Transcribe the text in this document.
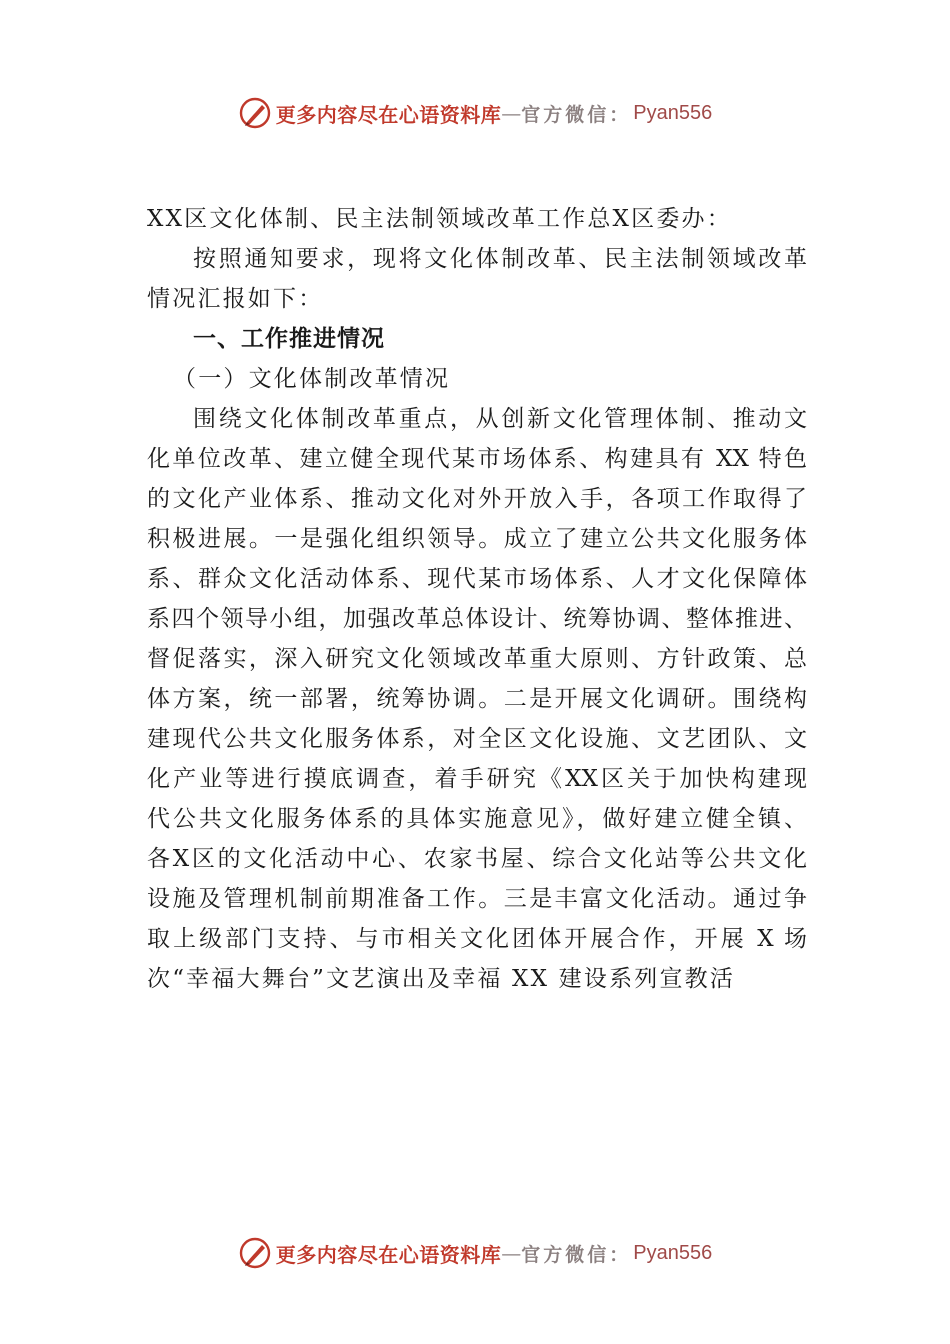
更多内容尽在心语资料库 — 官方微信： Pyan556
XX区文化体制、民主法制领域改革工作总X区委办：
按照通知要求，现将文化体制改革、民主法制领域改革
情况汇报如下：
一、工作推进情况
（一）文化体制改革情况
围绕文化体制改革重点，从创新文化管理体制、推动文
化单位改革、建立健全现代某市场体系、构建具有 XX 特色
的文化产业体系、推动文化对外开放入手，各项工作取得了
积极进展。一是强化组织领导。成立了建立公共文化服务体
系、群众文化活动体系、现代某市场体系、人才文化保障体
系四个领导小组，加强改革总体设计、统筹协调、整体推进、
督促落实，深入研究文化领域改革重大原则、方针政策、总
体方案，统一部署，统筹协调。二是开展文化调研。围绕构
建现代公共文化服务体系，对全区文化设施、文艺团队、文
化产业等进行摸底调查，着手研究《XX区关于加快构建现
代公共文化服务体系的具体实施意见》，做好建立健全镇、
各X区的文化活动中心、农家书屋、综合文化站等公共文化
设施及管理机制前期准备工作。三是丰富文化活动。通过争
取上级部门支持、与市相关文化团体开展合作，开展 X 场
次“幸福大舞台”文艺演出及幸福 XX 建设系列宣教活
更多内容尽在心语资料库 — 官方微信： Pyan556
